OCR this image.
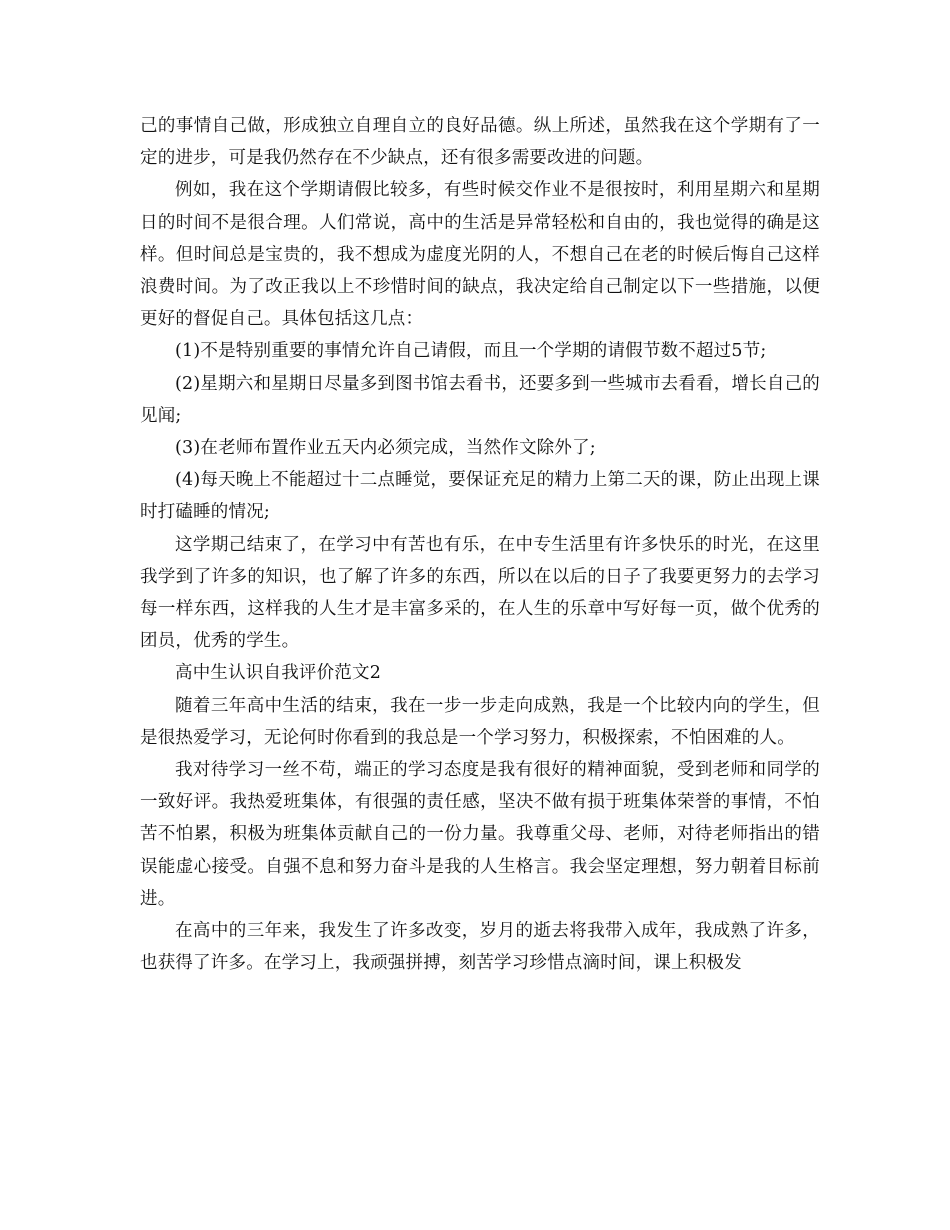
己的事情自己做，形成独立自理自立的良好品德。纵上所述，虽然我在这个学期有了一定的进步，可是我仍然存在不少缺点，还有很多需要改进的问题。

例如，我在这个学期请假比较多，有些时候交作业不是很按时，利用星期六和星期日的时间不是很合理。人们常说，高中的生活是异常轻松和自由的，我也觉得的确是这样。但时间总是宝贵的，我不想成为虚度光阴的人，不想自己在老的时候后悔自己这样浪费时间。为了改正我以上不珍惜时间的缺点，我决定给自己制定以下一些措施，以便更好的督促自己。具体包括这几点：

(1)不是特别重要的事情允许自己请假，而且一个学期的请假节数不超过5节;

(2)星期六和星期日尽量多到图书馆去看书，还要多到一些城市去看看，增长自己的见闻;

(3)在老师布置作业五天内必须完成，当然作文除外了;

(4)每天晚上不能超过十二点睡觉，要保证充足的精力上第二天的课，防止出现上课时打磕睡的情况;

这学期己结束了，在学习中有苦也有乐，在中专生活里有许多快乐的时光，在这里我学到了许多的知识，也了解了许多的东西，所以在以后的日子了我要更努力的去学习每一样东西，这样我的人生才是丰富多采的，在人生的乐章中写好每一页，做个优秀的团员，优秀的学生。

高中生认识自我评价范文2

随着三年高中生活的结束，我在一步一步走向成熟，我是一个比较内向的学生，但是很热爱学习，无论何时你看到的我总是一个学习努力，积极探索，不怕困难的人。

我对待学习一丝不苟，端正的学习态度是我有很好的精神面貌，受到老师和同学的一致好评。我热爱班集体，有很强的责任感，坚决不做有损于班集体荣誉的事情，不怕苦不怕累，积极为班集体贡献自己的一份力量。我尊重父母、老师，对待老师指出的错误能虚心接受。自强不息和努力奋斗是我的人生格言。我会坚定理想，努力朝着目标前进。

在高中的三年来，我发生了许多改变，岁月的逝去将我带入成年，我成熟了许多，也获得了许多。在学习上，我顽强拼搏，刻苦学习珍惜点滴时间，课上积极发
